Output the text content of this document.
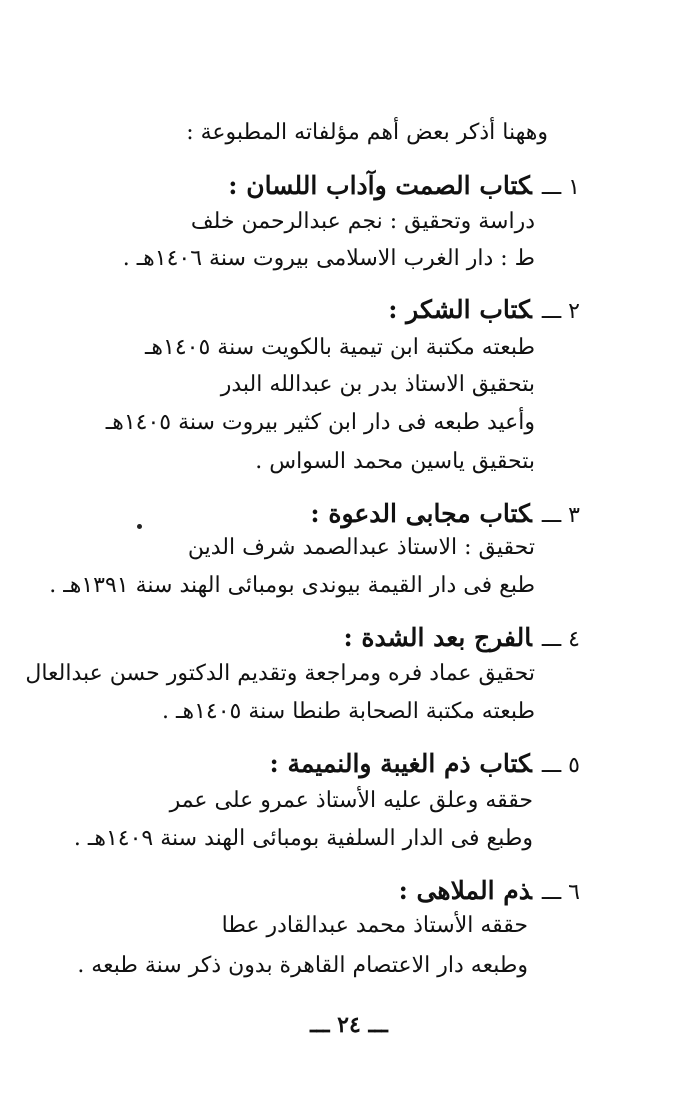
وههنا أذكر بعض أهم مؤلفاته المطبوعة :
١ ـــكتاب الصمت وآداب اللسان :
دراسة وتحقيق : نجم عبدالرحمن خلف
ط : دار الغرب الاسلامى بيروت سنة ١٤٠٦هـ .
٢ ـــكتاب الشكر :
طبعته مكتبة ابن تيمية بالكويت سنة ١٤٠٥هـ
بتحقيق الاستاذ بدر بن عبدالله البدر
وأعيد طبعه فى دار ابن كثير بيروت سنة ١٤٠٥هـ
بتحقيق ياسين محمد السواس .
٣ ـــكتاب مجابى الدعوة :
تحقيق : الاستاذ عبدالصمد شرف الدين
طبع فى دار القيمة بيوندى بومبائى الهند سنة ١٣٩١هـ .
٤ ـــالفرج بعد الشدة :
تحقيق عماد فره ومراجعة وتقديم الدكتور حسن عبدالعال
طبعته مكتبة الصحابة طنطا سنة ١٤٠٥هـ .
٥ ـــكتاب ذم الغيبة والنميمة :
حققه وعلق عليه الأستاذ عمرو على عمر
وطبع فى الدار السلفية بومبائى الهند سنة ١٤٠٩هـ .
٦ ـــذم الملاهى :
حققه الأستاذ محمد عبدالقادر عطا
وطبعه دار الاعتصام القاهرة بدون ذكر سنة طبعه .
ـــ ٢٤ ـــ
